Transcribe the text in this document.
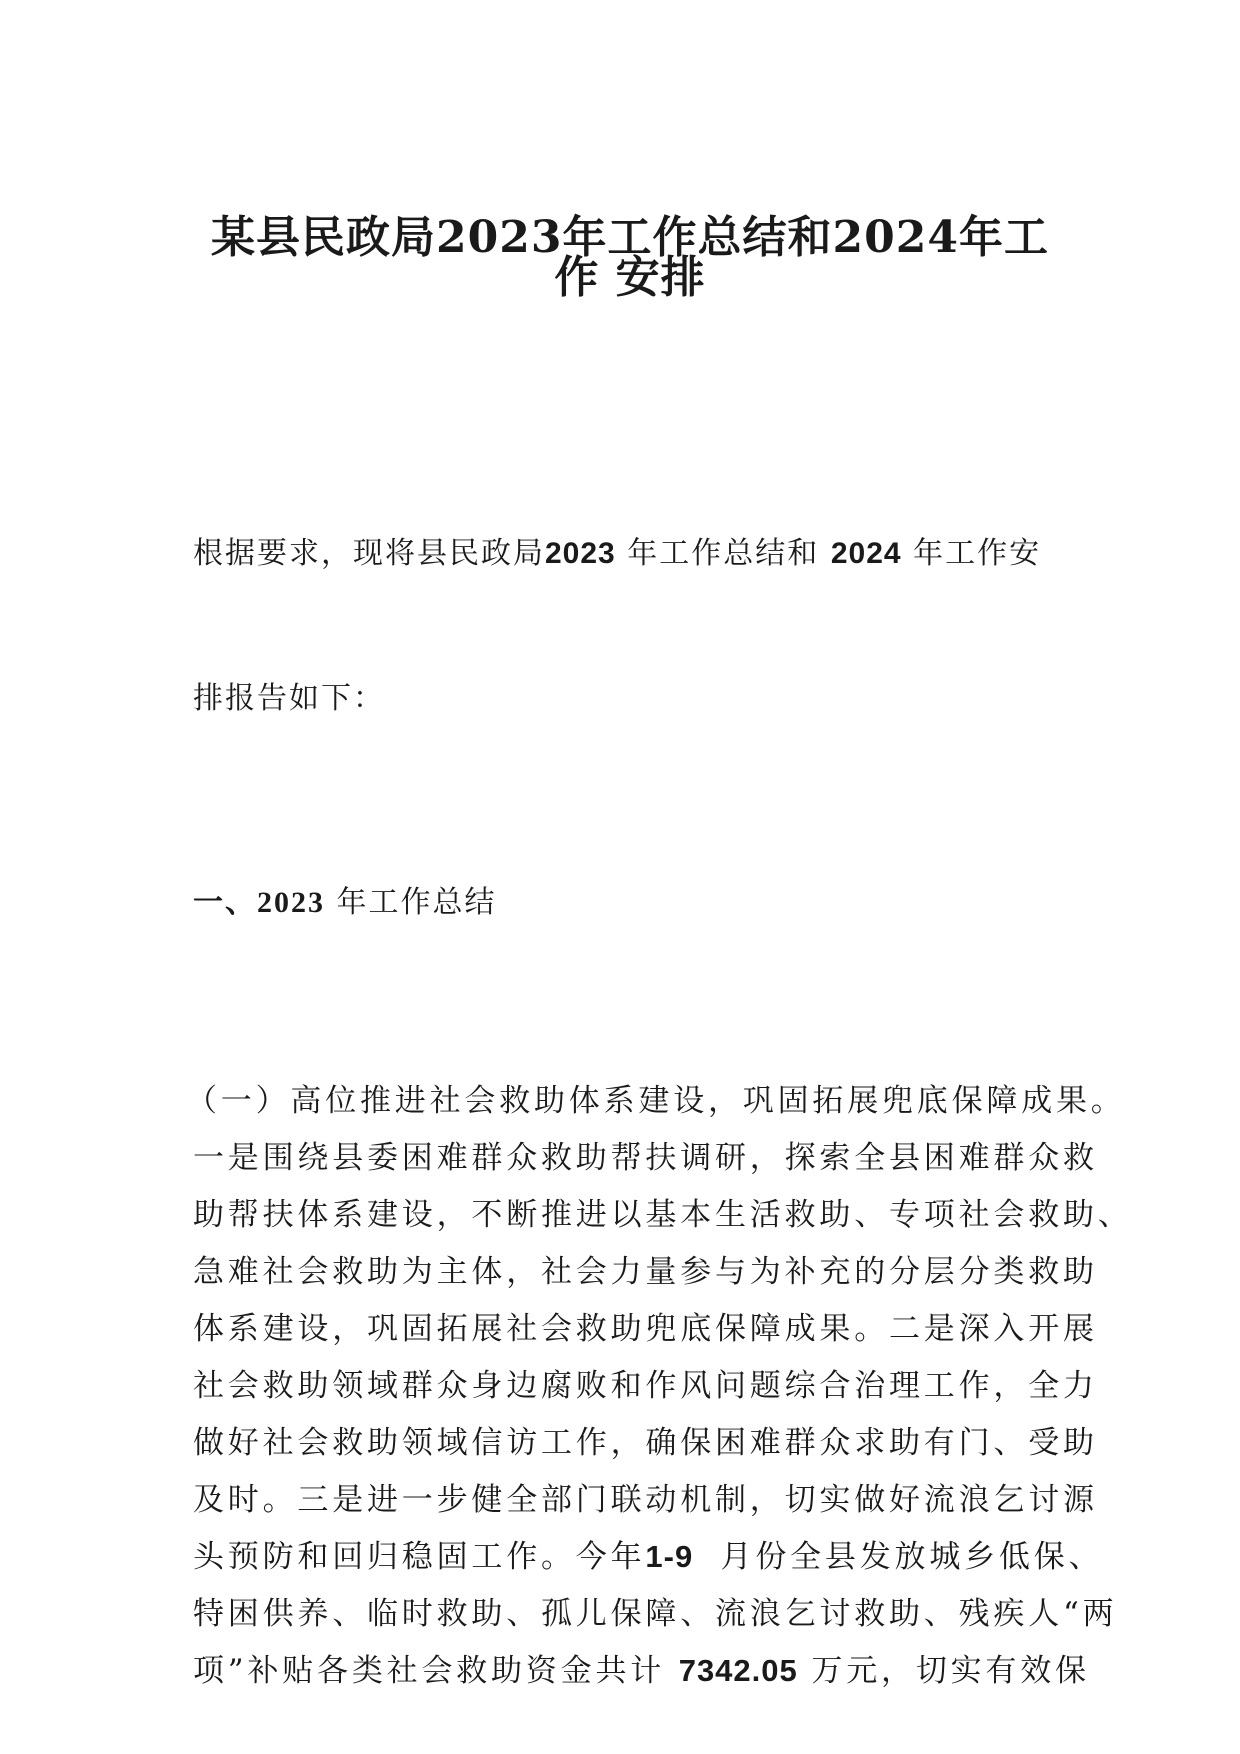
某县民政局2023年工作总结和2024年工
作 安排
根据要求，现将县民政局2023 年工作总结和 2024 年工作安
排报告如下：
一、2023 年工作总结
（一）高位推进社会救助体系建设，巩固拓展兜底保障成果。
一是围绕县委困难群众救助帮扶调研，探索全县困难群众救
助帮扶体系建设，不断推进以基本生活救助、专项社会救助、
急难社会救助为主体，社会力量参与为补充的分层分类救助
体系建设，巩固拓展社会救助兜底保障成果。二是深入开展
社会救助领域群众身边腐败和作风问题综合治理工作，全力
做好社会救助领域信访工作，确保困难群众求助有门、受助
及时。三是进一步健全部门联动机制，切实做好流浪乞讨源
头预防和回归稳固工作。今年1-9  月份全县发放城乡低保、
特困供养、临时救助、孤儿保障、流浪乞讨救助、残疾人“两
项”补贴各类社会救助资金共计 7342.05 万元，切实有效保
